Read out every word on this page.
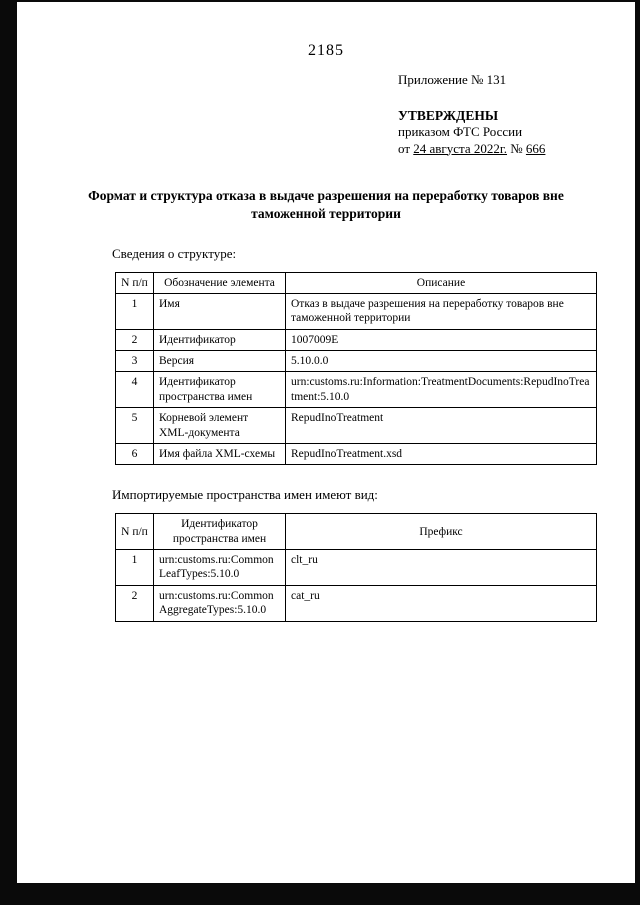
2185
Приложение № 131
УТВЕРЖДЕНЫ
приказом ФТС России
от 24 августа 2022г. № 666
Формат и структура отказа в выдаче разрешения на переработку товаров вне таможенной территории
Сведения о структуре:
N п/п	Обозначение элемента	Описание
1	Имя	Отказ в выдаче разрешения на переработку товаров вне таможенной территории
2	Идентификатор	1007009E
3	Версия	5.10.0.0
4	Идентификатор пространства имен	urn:customs.ru:Information:TreatmentDocuments:RepudInoTreatment:5.10.0
5	Корневой элемент XML-документа	RepudInoTreatment
6	Имя файла XML-схемы	RepudInoTreatment.xsd
Импортируемые пространства имен имеют вид:
N п/п	Идентификатор пространства имен	Префикс
1	urn:customs.ru:CommonLeafTypes:5.10.0	clt_ru
2	urn:customs.ru:CommonAggregateTypes:5.10.0	cat_ru
